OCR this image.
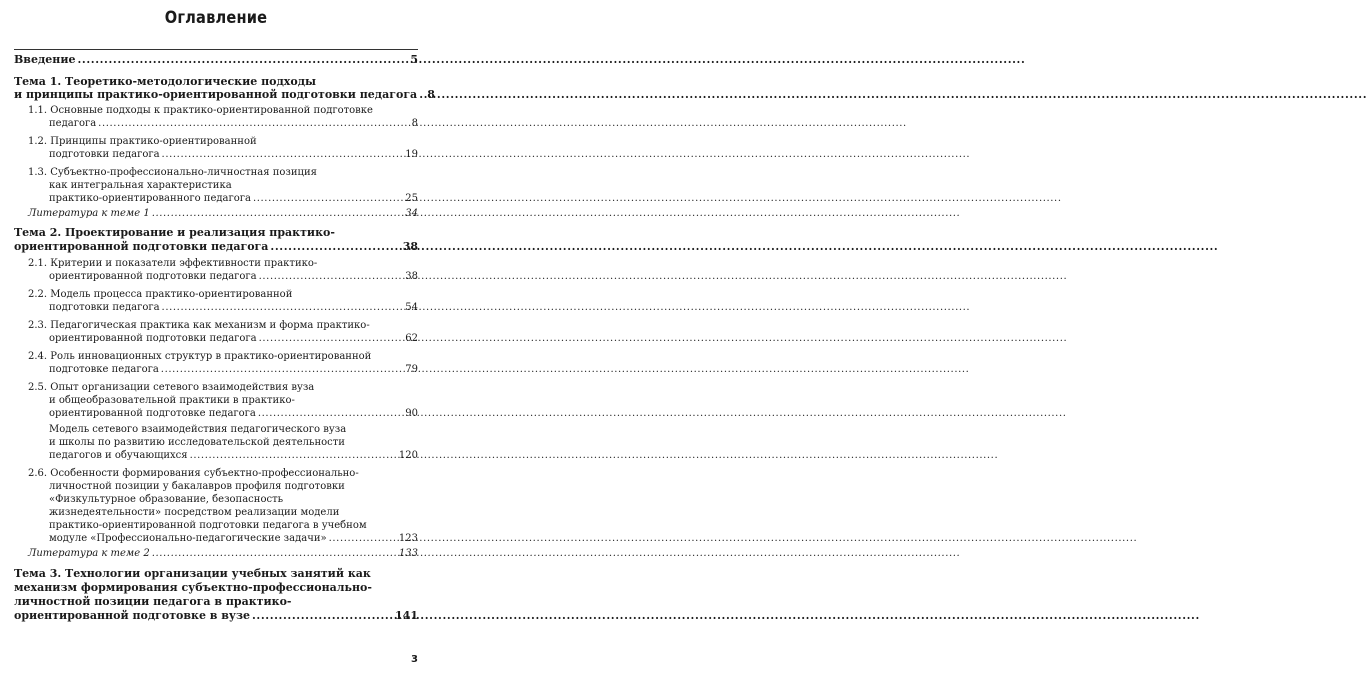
Оглавление
Введение .....	5
Тема 1. Теоретико-методологические подходы
и принципы практико-ориентированной подготовки педагога ..... 8
1.1. Основные подходы к практико-ориентированной подготовке
педагога .....	8
1.2. Принципы практико-ориентированной
подготовки педагога .....	19
1.3. Субъектно-профессионально-личностная позиция
как интегральная характеристика
практико-ориентированного педагога .....	25
Литература к теме 1 .....	34
Тема 2. Проектирование и реализация практико-
ориентированной подготовки педагога .....	38
2.1. Критерии и показатели эффективности практико-
ориентированной подготовки педагога .....	38
2.2. Модель процесса практико-ориентированной
подготовки педагога .....	54
2.3. Педагогическая практика как механизм и форма практико-
ориентированной подготовки педагога .....	62
2.4. Роль инновационных структур в практико-ориентированной
подготовке педагога .....	79
2.5. Опыт организации сетевого взаимодействия вуза
и общеобразовательной практики в практико-
ориентированной подготовке педагога .....	90
Модель сетевого взаимодействия педагогического вуза
и школы по развитию исследовательской деятельности
педагогов и обучающихся .....	120
2.6. Особенности формирования субъектно-профессионально-
личностной позиции у бакалавров профиля подготовки
«Физкультурное образование, безопасность
жизнедеятельности» посредством реализации модели
практико-ориентированной подготовки педагога в учебном
модуле «Профессионально-педагогические задачи» .....	123
Литература к теме 2 .....	133
Тема 3. Технологии организации учебных занятий как
механизм формирования субъектно-профессионально-
личностной позиции педагога в практико-
ориентированной подготовке в вузе .....	141
3
